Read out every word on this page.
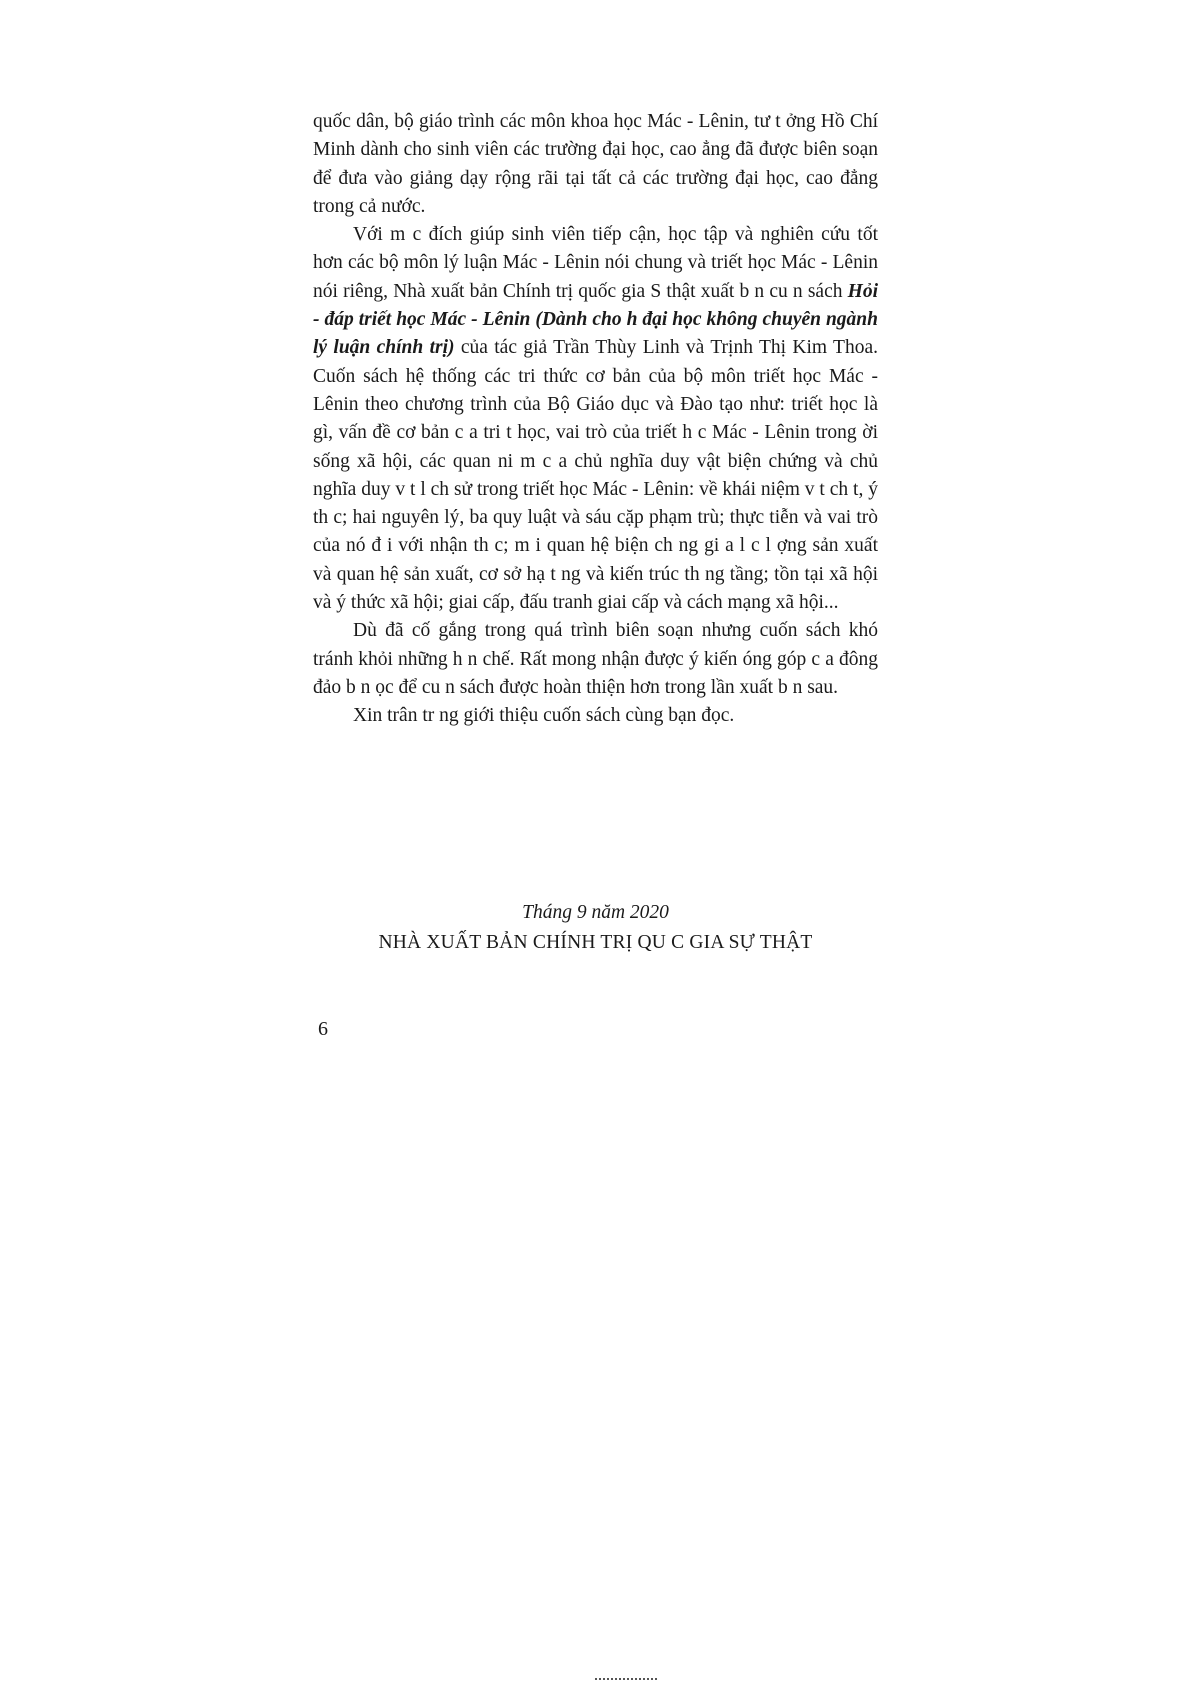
quốc dân, bộ giáo trình các môn khoa học Mác - Lênin, tư t ởng Hồ Chí Minh dành cho sinh viên các trường đại học, cao ẳng đã được biên soạn để đưa vào giảng dạy rộng rãi tại tất cả các trường đại học, cao đẳng trong cả nước.

Với m c đích giúp sinh viên tiếp cận, học tập và nghiên cứu tốt hơn các bộ môn lý luận Mác - Lênin nói chung và triết học Mác - Lênin nói riêng, Nhà xuất bản Chính trị quốc gia S thật xuất b n cu n sách Hỏi - đáp triết học Mác - Lênin (Dành cho h đại học không chuyên ngành lý luận chính trị) của tác giả Trần Thùy Linh và Trịnh Thị Kim Thoa. Cuốn sách hệ thống các tri thức cơ bản của bộ môn triết học Mác - Lênin theo chương trình của Bộ Giáo dục và Đào tạo như: triết học là gì, vấn đề cơ bản c a tri t học, vai trò của triết h c Mác - Lênin trong ời sống xã hội, các quan ni m c a chủ nghĩa duy vật biện chứng và chủ nghĩa duy v t l ch sử trong triết học Mác - Lênin: về khái niệm v t ch t, ý th c; hai nguyên lý, ba quy luật và sáu cặp phạm trù; thực tiễn và vai trò của nó đ i với nhận th c; m i quan hệ biện ch ng gi a l c l ợng sản xuất và quan hệ sản xuất, cơ sở hạ t ng và kiến trúc th ng tầng; tồn tại xã hội và ý thức xã hội; giai cấp, đấu tranh giai cấp và cách mạng xã hội...

Dù đã cố gắng trong quá trình biên soạn nhưng cuốn sách khó tránh khỏi những h n chế. Rất mong nhận được ý kiến óng góp c a đông đảo b n ọc để cu n sách được hoàn thiện hơn trong lần xuất b n sau.

Xin trân tr ng giới thiệu cuốn sách cùng bạn đọc.

Tháng 9 năm 2020
NHÀ XUẤT BẢN CHÍNH TRỊ QU C GIA SỰ THẬT
6
